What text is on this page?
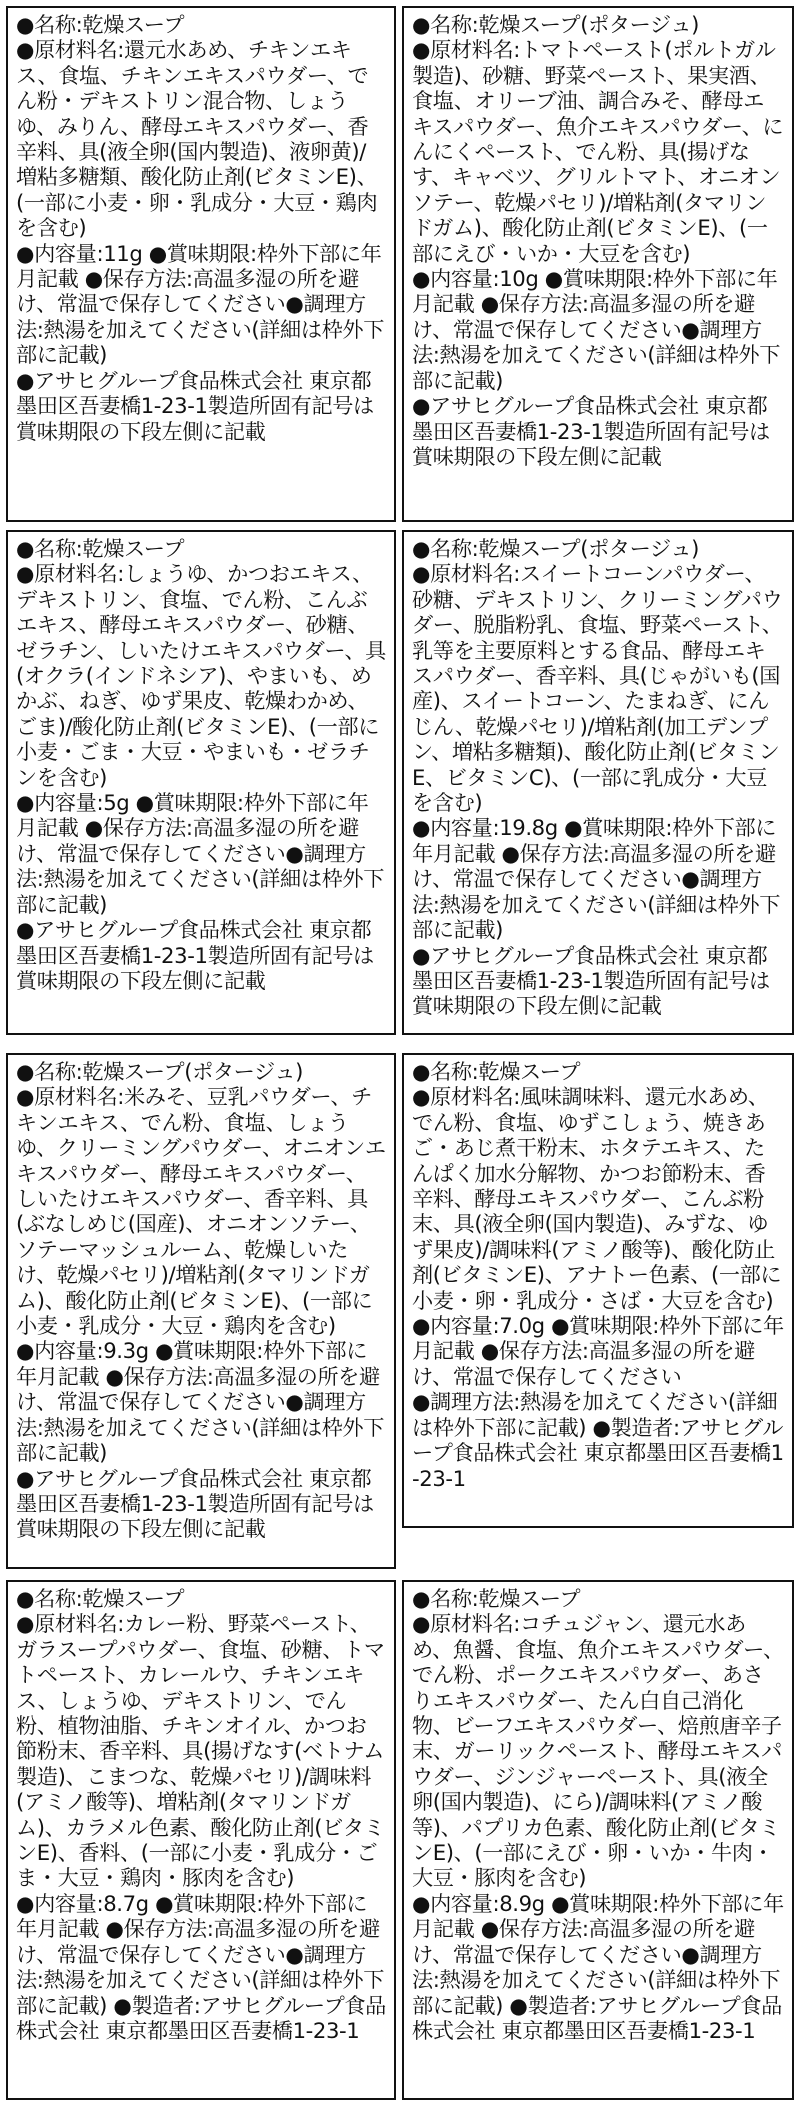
●名称:乾燥スープ
●原材料名:還元水あめ、チキンエキス、食塩、チキンエキスパウダー、でん粉・デキストリン混合物、しょうゆ、みりん、酵母エキスパウダー、香辛料、具(液全卵(国内製造)、液卵黄)/増粘多糖類、酸化防止剤(ビタミンE)、(一部に小麦・卵・乳成分・大豆・鶏肉を含む)
●内容量:11g ●賞味期限:枠外下部に年月記載 ●保存方法:高温多湿の所を避け、常温で保存してください●調理方法:熱湯を加えてください(詳細は枠外下部に記載)
●アサヒグループ食品株式会社 東京都墨田区吾妻橋1-23-1製造所固有記号は賞味期限の下段左側に記載
●名称:乾燥スープ(ポタージュ)
●原材料名:トマトペースト(ポルトガル製造)、砂糖、野菜ペースト、果実酒、食塩、オリーブ油、調合みそ、酵母エキスパウダー、魚介エキスパウダー、にんにくペースト、でん粉、具(揚げなす、キャベツ、グリルトマト、オニオンソテー、乾燥パセリ)/増粘剤(タマリンドガム)、酸化防止剤(ビタミンE)、(一部にえび・いか・大豆を含む)
●内容量:10g ●賞味期限:枠外下部に年月記載 ●保存方法:高温多湿の所を避け、常温で保存してください●調理方法:熱湯を加えてください(詳細は枠外下部に記載)
●アサヒグループ食品株式会社 東京都墨田区吾妻橋1-23-1製造所固有記号は賞味期限の下段左側に記載
●名称:乾燥スープ
●原材料名:しょうゆ、かつおエキス、デキストリン、食塩、でん粉、こんぶエキス、酵母エキスパウダー、砂糖、ゼラチン、しいたけエキスパウダー、具(オクラ(インドネシア)、やまいも、めかぶ、ねぎ、ゆず果皮、乾燥わかめ、ごま)/酸化防止剤(ビタミンE)、(一部に小麦・ごま・大豆・やまいも・ゼラチンを含む)
●内容量:5g ●賞味期限:枠外下部に年月記載 ●保存方法:高温多湿の所を避け、常温で保存してください●調理方法:熱湯を加えてください(詳細は枠外下部に記載)
●アサヒグループ食品株式会社 東京都墨田区吾妻橋1-23-1製造所固有記号は賞味期限の下段左側に記載
●名称:乾燥スープ(ポタージュ)
●原材料名:スイートコーンパウダー、砂糖、デキストリン、クリーミングパウダー、脱脂粉乳、食塩、野菜ペースト、乳等を主要原料とする食品、酵母エキスパウダー、香辛料、具(じゃがいも(国産)、スイートコーン、たまねぎ、にんじん、乾燥パセリ)/増粘剤(加工デンプン、増粘多糖類)、酸化防止剤(ビタミンE、ビタミンC)、(一部に乳成分・大豆を含む)
●内容量:19.8g ●賞味期限:枠外下部に年月記載 ●保存方法:高温多湿の所を避け、常温で保存してください●調理方法:熱湯を加えてください(詳細は枠外下部に記載)
●アサヒグループ食品株式会社 東京都墨田区吾妻橋1-23-1製造所固有記号は賞味期限の下段左側に記載
●名称:乾燥スープ(ポタージュ)
●原材料名:米みそ、豆乳パウダー、チキンエキス、でん粉、食塩、しょうゆ、クリーミングパウダー、オニオンエキスパウダー、酵母エキスパウダー、しいたけエキスパウダー、香辛料、具(ぶなしめじ(国産)、オニオンソテー、ソテーマッシュルーム、乾燥しいたけ、乾燥パセリ)/増粘剤(タマリンドガム)、酸化防止剤(ビタミンE)、(一部に小麦・乳成分・大豆・鶏肉を含む)
●内容量:9.3g ●賞味期限:枠外下部に年月記載 ●保存方法:高温多湿の所を避け、常温で保存してください●調理方法:熱湯を加えてください(詳細は枠外下部に記載)
●アサヒグループ食品株式会社 東京都墨田区吾妻橋1-23-1製造所固有記号は賞味期限の下段左側に記載
●名称:乾燥スープ
●原材料名:風味調味料、還元水あめ、でん粉、食塩、ゆずこしょう、焼きあご・あじ煮干粉末、ホタテエキス、たんぱく加水分解物、かつお節粉末、香辛料、酵母エキスパウダー、こんぶ粉末、具(液全卵(国内製造)、みずな、ゆず果皮)/調味料(アミノ酸等)、酸化防止剤(ビタミンE)、アナトー色素、(一部に小麦・卵・乳成分・さば・大豆を含む)
●内容量:7.0g ●賞味期限:枠外下部に年月記載 ●保存方法:高温多湿の所を避け、常温で保存してください
●調理方法:熱湯を加えてください(詳細は枠外下部に記載) ●製造者:アサヒグループ食品株式会社 東京都墨田区吾妻橋1-23-1
●名称:乾燥スープ
●原材料名:カレー粉、野菜ペースト、ガラスープパウダー、食塩、砂糖、トマトペースト、カレールウ、チキンエキス、しょうゆ、デキストリン、でん粉、植物油脂、チキンオイル、かつお節粉末、香辛料、具(揚げなす(ベトナム製造)、こまつな、乾燥パセリ)/調味料(アミノ酸等)、増粘剤(タマリンドガム)、カラメル色素、酸化防止剤(ビタミンE)、香料、(一部に小麦・乳成分・ごま・大豆・鶏肉・豚肉を含む)
●内容量:8.7g ●賞味期限:枠外下部に年月記載 ●保存方法:高温多湿の所を避け、常温で保存してください●調理方法:熱湯を加えてください(詳細は枠外下部に記載) ●製造者:アサヒグループ食品株式会社 東京都墨田区吾妻橋1-23-1
●名称:乾燥スープ
●原材料名:コチュジャン、還元水あめ、魚醤、食塩、魚介エキスパウダー、でん粉、ポークエキスパウダー、あさりエキスパウダー、たん白自己消化物、ビーフエキスパウダー、焙煎唐辛子末、ガーリックペースト、酵母エキスパウダー、ジンジャーペースト、具(液全卵(国内製造)、にら)/調味料(アミノ酸等)、パプリカ色素、酸化防止剤(ビタミンE)、(一部にえび・卵・いか・牛肉・大豆・豚肉を含む)
●内容量:8.9g ●賞味期限:枠外下部に年月記載 ●保存方法:高温多湿の所を避け、常温で保存してください●調理方法:熱湯を加えてください(詳細は枠外下部に記載) ●製造者:アサヒグループ食品株式会社 東京都墨田区吾妻橋1-23-1
